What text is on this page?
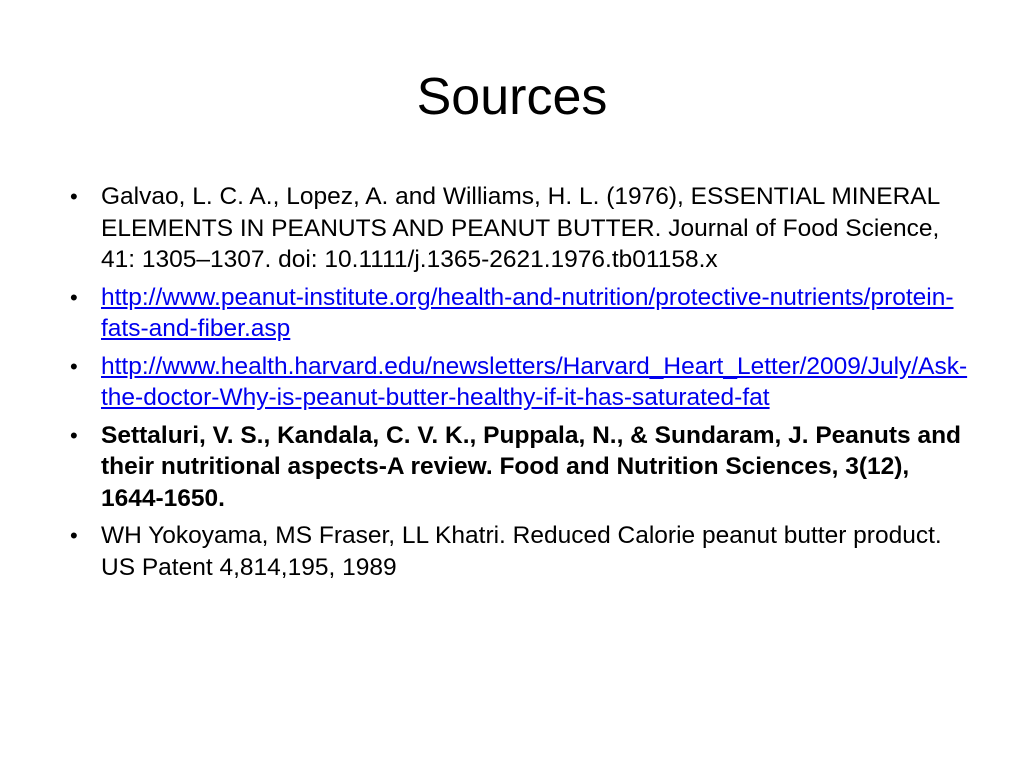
Sources
• Galvao, L. C. A., Lopez, A. and Williams, H. L. (1976), ESSENTIAL MINERAL ELEMENTS IN PEANUTS AND PEANUT BUTTER. Journal of Food Science, 41: 1305–1307. doi: 10.1111/j.1365-2621.1976.tb01158.x
• http://www.peanut-institute.org/health-and-nutrition/protective-nutrients/protein-fats-and-fiber.asp
• http://www.health.harvard.edu/newsletters/Harvard_Heart_Letter/2009/July/Ask-the-doctor-Why-is-peanut-butter-healthy-if-it-has-saturated-fat
• Settaluri, V. S., Kandala, C. V. K., Puppala, N., & Sundaram, J. Peanuts and their nutritional aspects-A review. Food and Nutrition Sciences, 3(12), 1644-1650.
• WH Yokoyama, MS Fraser, LL Khatri. Reduced Calorie peanut butter product. US Patent 4,814,195, 1989
